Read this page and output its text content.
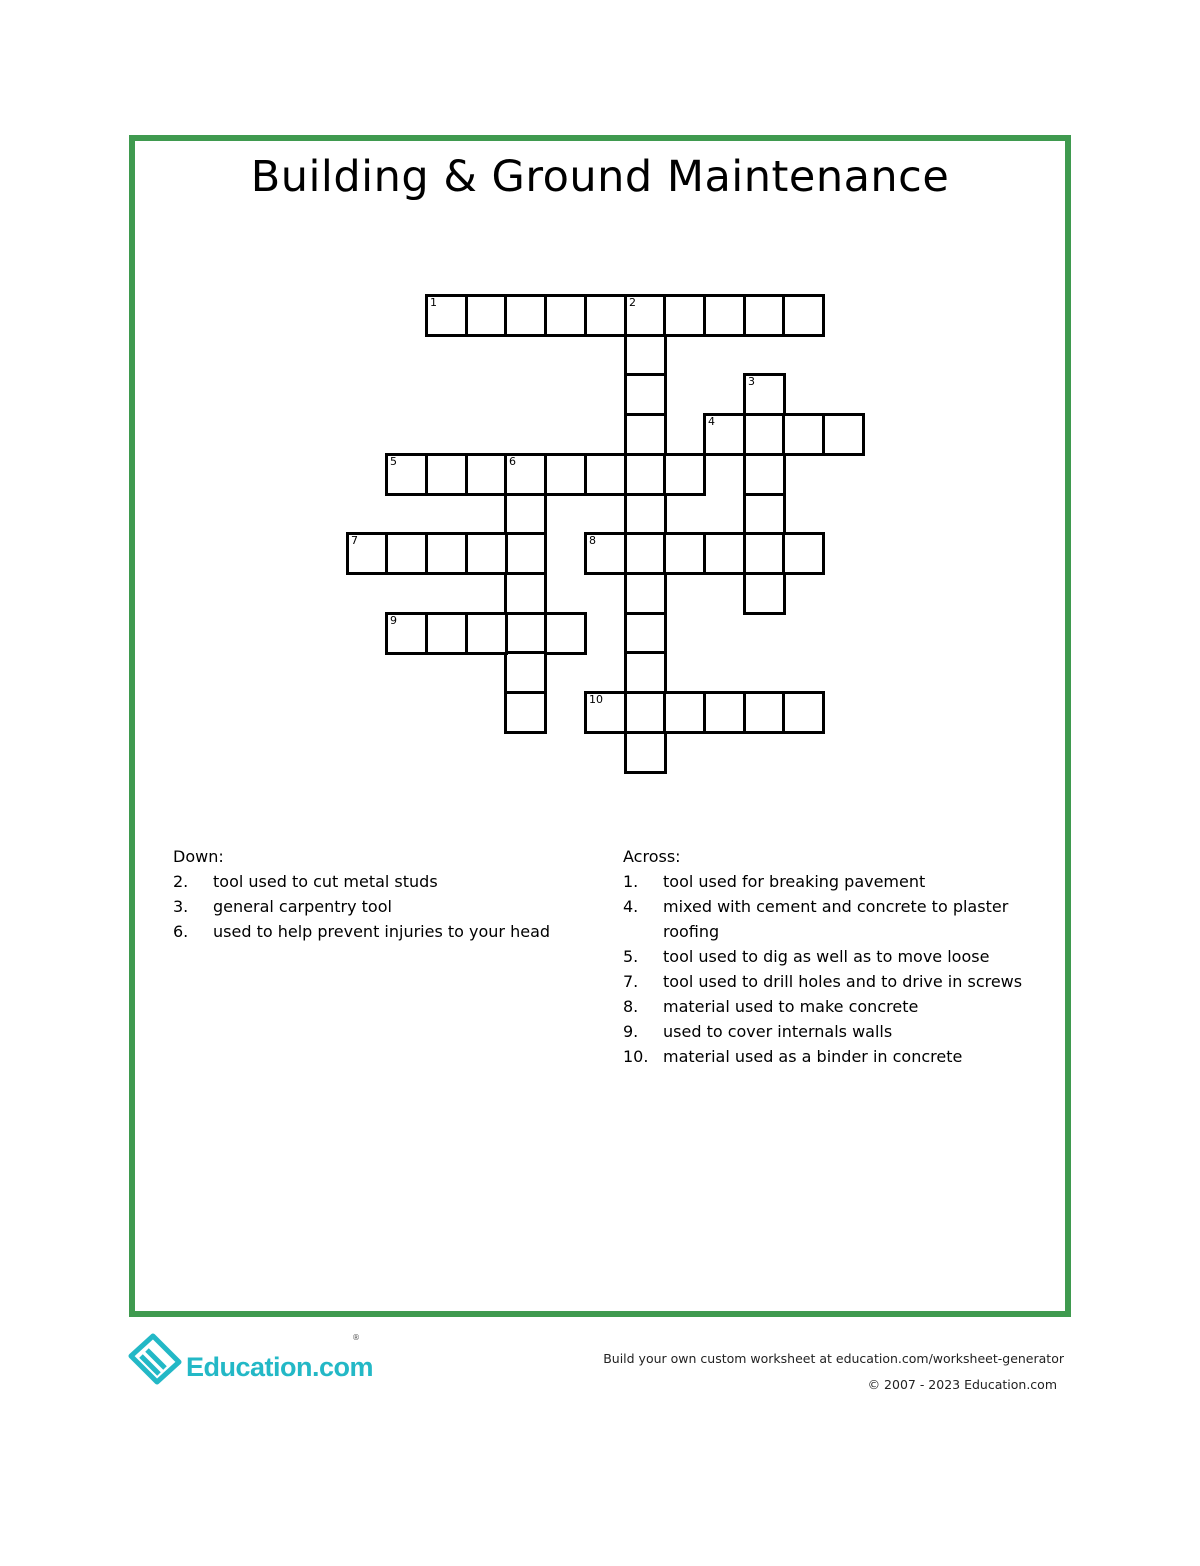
Building & Ground Maintenance
1	2
3
4
5	6
7	8
9
10
Down:
2.	tool used to cut metal studs
3.	general carpentry tool
6.	used to help prevent injuries to your head
Across:
1.	tool used for breaking pavement
4.	mixed with cement and concrete to plaster roofing
5.	tool used to dig as well as to move loose
7.	tool used to drill holes and to drive in screws
8.	material used to make concrete
9.	used to cover internals walls
10. material used as a binder in concrete
Education.com
®
Build your own custom worksheet at education.com/worksheet-generator
© 2007 - 2023 Education.com
